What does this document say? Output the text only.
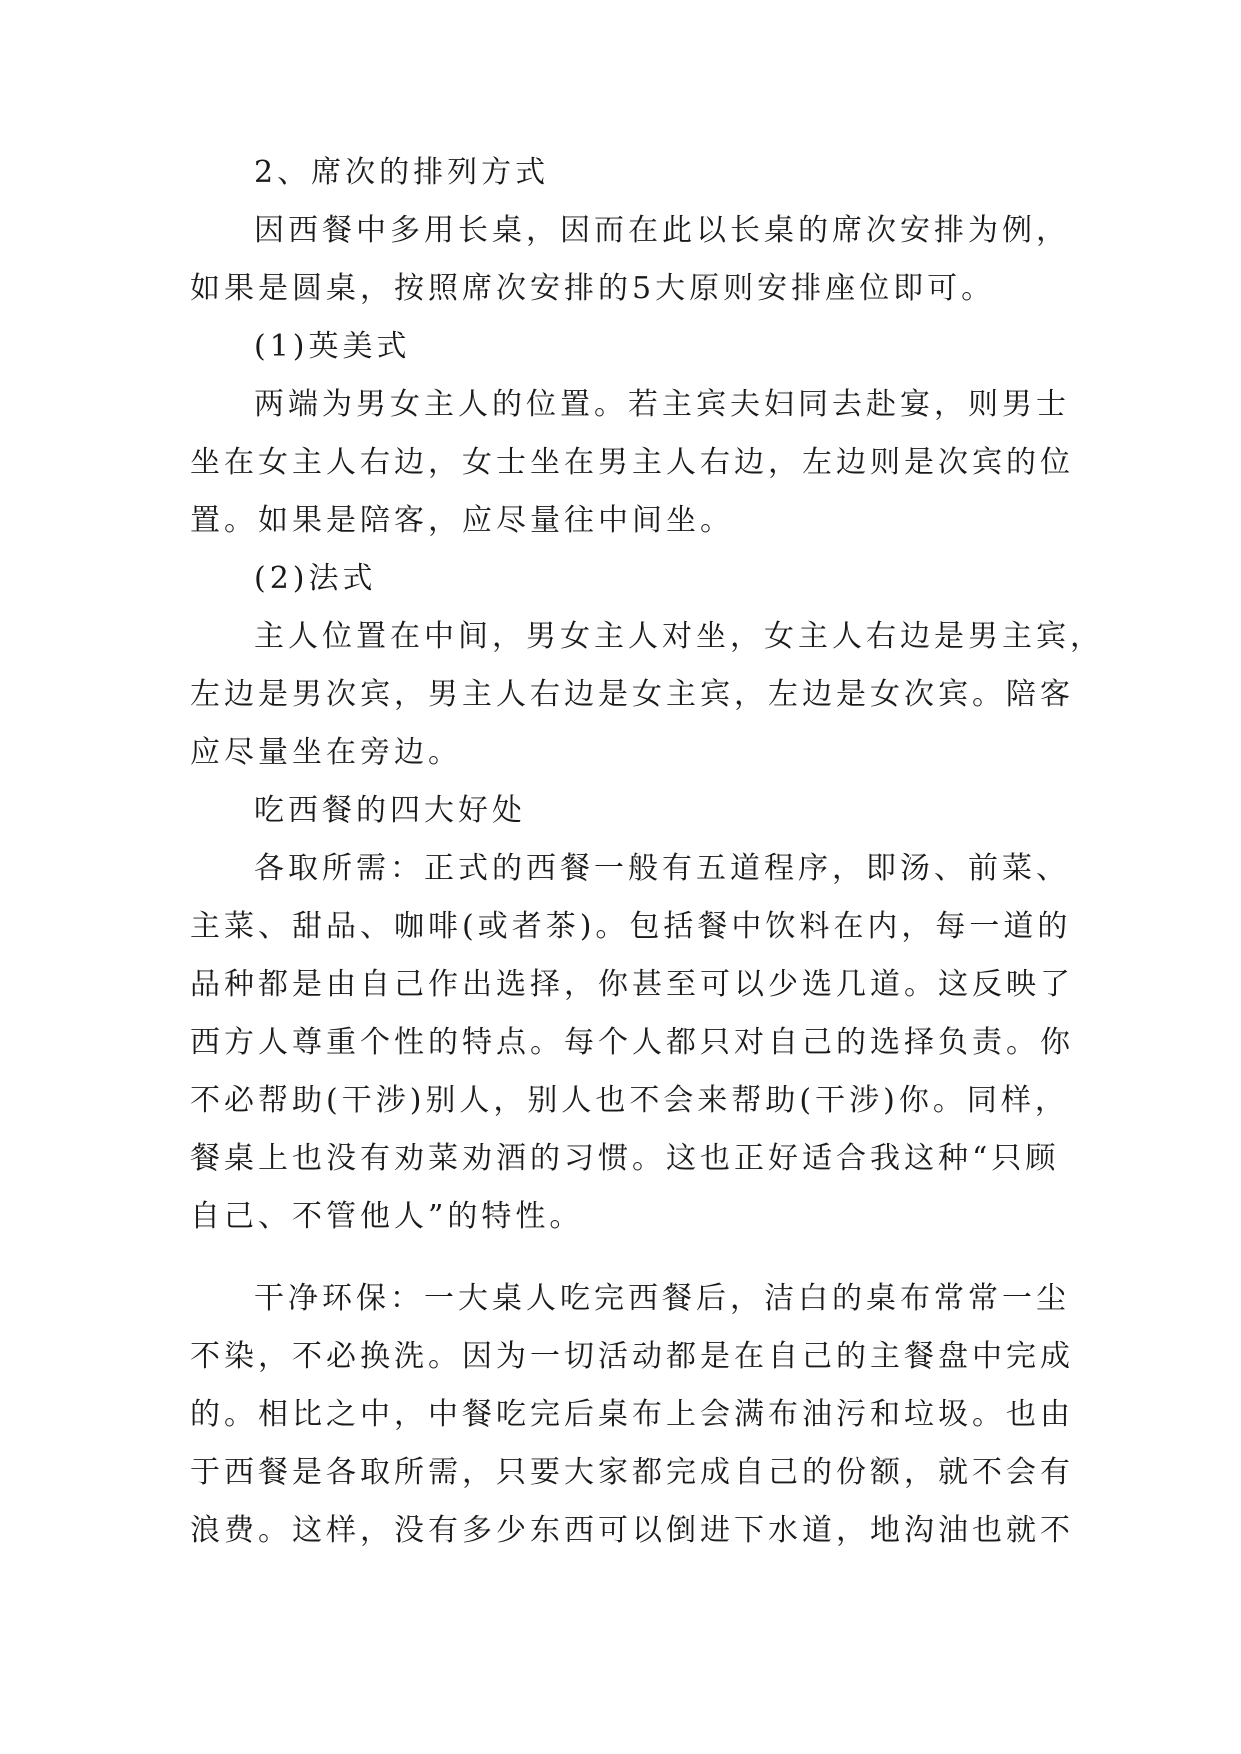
2、席次的排列方式
因西餐中多用长桌，因而在此以长桌的席次安排为例，
如果是圆桌，按照席次安排的5大原则安排座位即可。
(1)英美式
两端为男女主人的位置。若主宾夫妇同去赴宴，则男士
坐在女主人右边，女士坐在男主人右边，左边则是次宾的位
置。如果是陪客，应尽量往中间坐。
(2)法式
主人位置在中间，男女主人对坐，女主人右边是男主宾，
左边是男次宾，男主人右边是女主宾，左边是女次宾。陪客
应尽量坐在旁边。
吃西餐的四大好处
各取所需：正式的西餐一般有五道程序，即汤、前菜、
主菜、甜品、咖啡(或者茶)。包括餐中饮料在内，每一道的
品种都是由自己作出选择，你甚至可以少选几道。这反映了
西方人尊重个性的特点。每个人都只对自己的选择负责。你
不必帮助(干涉)别人，别人也不会来帮助(干涉)你。同样，
餐桌上也没有劝菜劝酒的习惯。这也正好适合我这种“只顾
自己、不管他人”的特性。
干净环保：一大桌人吃完西餐后，洁白的桌布常常一尘
不染，不必换洗。因为一切活动都是在自己的主餐盘中完成
的。相比之中，中餐吃完后桌布上会满布油污和垃圾。也由
于西餐是各取所需，只要大家都完成自己的份额，就不会有
浪费。这样，没有多少东西可以倒进下水道，地沟油也就不
